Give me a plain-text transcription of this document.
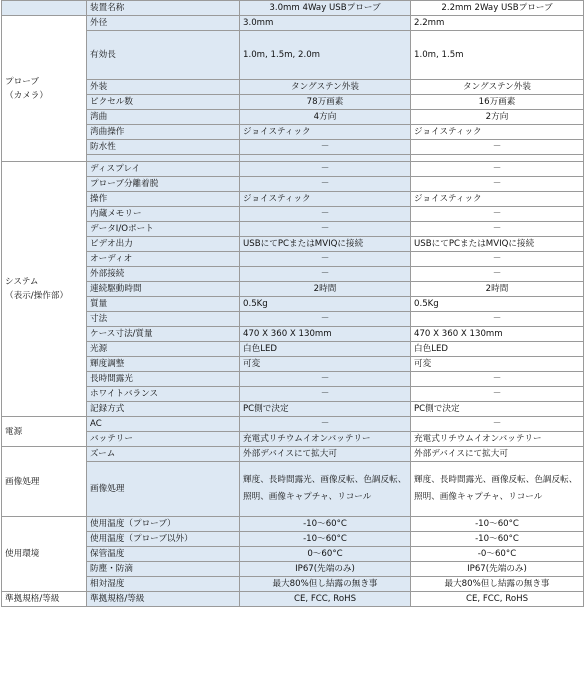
	装置名称	3.0mm 4Way USBプローブ	2.2mm 2Way USBプローブ
プローブ
（カメラ）	外径	3.0mm	2.2mm
	有効長	1.0m, 1.5m, 2.0m	1.0m, 1.5m
	外装	タングステン外装	タングステン外装
	ピクセル数	78万画素	16万画素
	湾曲	4方向	2方向
	湾曲操作	ジョイスティック	ジョイスティック
	防水性	－	－

システム
（表示/操作部）	ディスプレイ	－	－
	プローブ分離着脱	－	－
	操作	ジョイスティック	ジョイスティック
	内蔵メモリー	－	－
	データI/Oポート	－	－
	ビデオ出力	USBにてPCまたはMVIQに接続	USBにてPCまたはMVIQに接続
	オーディオ	－	－
	外部接続	－	－
	連続駆動時間	2時間	2時間
	質量	0.5Kg	0.5Kg
	寸法	－	－
	ケース寸法/質量	470 X 360 X 130mm	470 X 360 X 130mm
	光源	白色LED	白色LED
	輝度調整	可変	可変
	長時間露光	－	－
	ホワイトバランス	－	－
	記録方式	PC側で決定	PC側で決定
電源	AC	－	－
	バッテリー	充電式リチウムイオンバッテリー	充電式リチウムイオンバッテリー
画像処理	ズーム	外部デバイスにて拡大可	外部デバイスにて拡大可
	画像処理	輝度、長時間露光、画像反転、色調反転、照明、画像キャプチャ、リコール	輝度、長時間露光、画像反転、色調反転、照明、画像キャプチャ、リコール
使用環境	使用温度（プローブ）	-10～60°C	-10～60°C
	使用温度（プローブ以外）	-10～60°C	-10～60°C
	保管温度	0～60°C	-0～60°C
	防塵・防滴	IP67(先端のみ)	IP67(先端のみ)
	相対湿度	最大80%但し結露の無き事	最大80%但し結露の無き事
準拠規格/等級	準拠規格/等級	CE, FCC, RoHS	CE, FCC, RoHS
